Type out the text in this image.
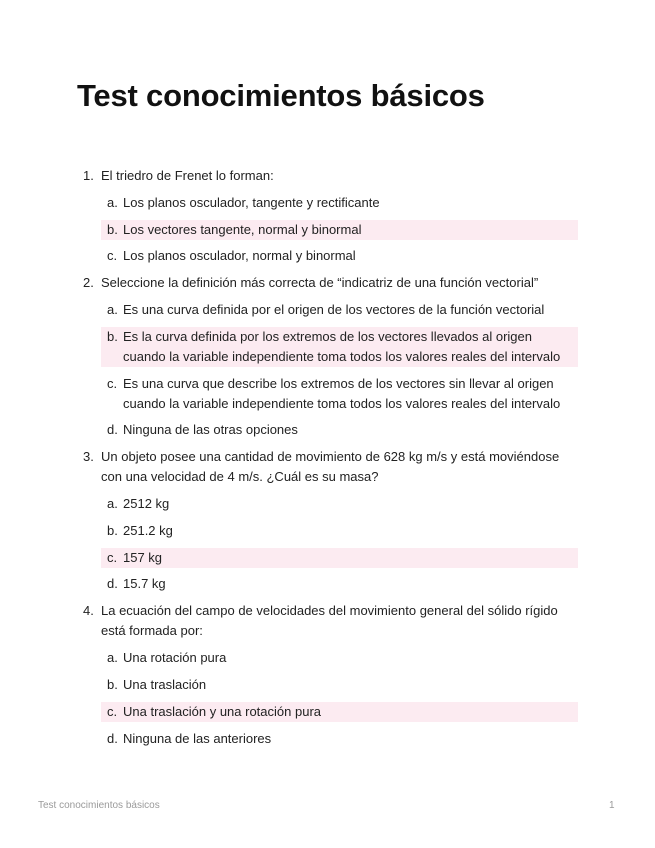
Test conocimientos básicos
1. El triedro de Frenet lo forman:
a. Los planos osculador, tangente y rectificante
b. Los vectores tangente, normal y binormal
c. Los planos osculador, normal y binormal
2. Seleccione la definición más correcta de “indicatriz de una función vectorial”
a. Es una curva definida por el origen de los vectores de la función vectorial
b. Es la curva definida por los extremos de los vectores llevados al origen cuando la variable independiente toma todos los valores reales del intervalo
c. Es una curva que describe los extremos de los vectores sin llevar al origen cuando la variable independiente toma todos los valores reales del intervalo
d. Ninguna de las otras opciones
3. Un objeto posee una cantidad de movimiento de 628 kg m/s y está moviéndose con una velocidad de 4 m/s. ¿Cuál es su masa?
a. 2512 kg
b. 251.2 kg
c. 157 kg
d. 15.7 kg
4. La ecuación del campo de velocidades del movimiento general del sólido rígido está formada por:
a. Una rotación pura
b. Una traslación
c. Una traslación y una rotación pura
d. Ninguna de las anteriores
Test conocimientos básicos	1
